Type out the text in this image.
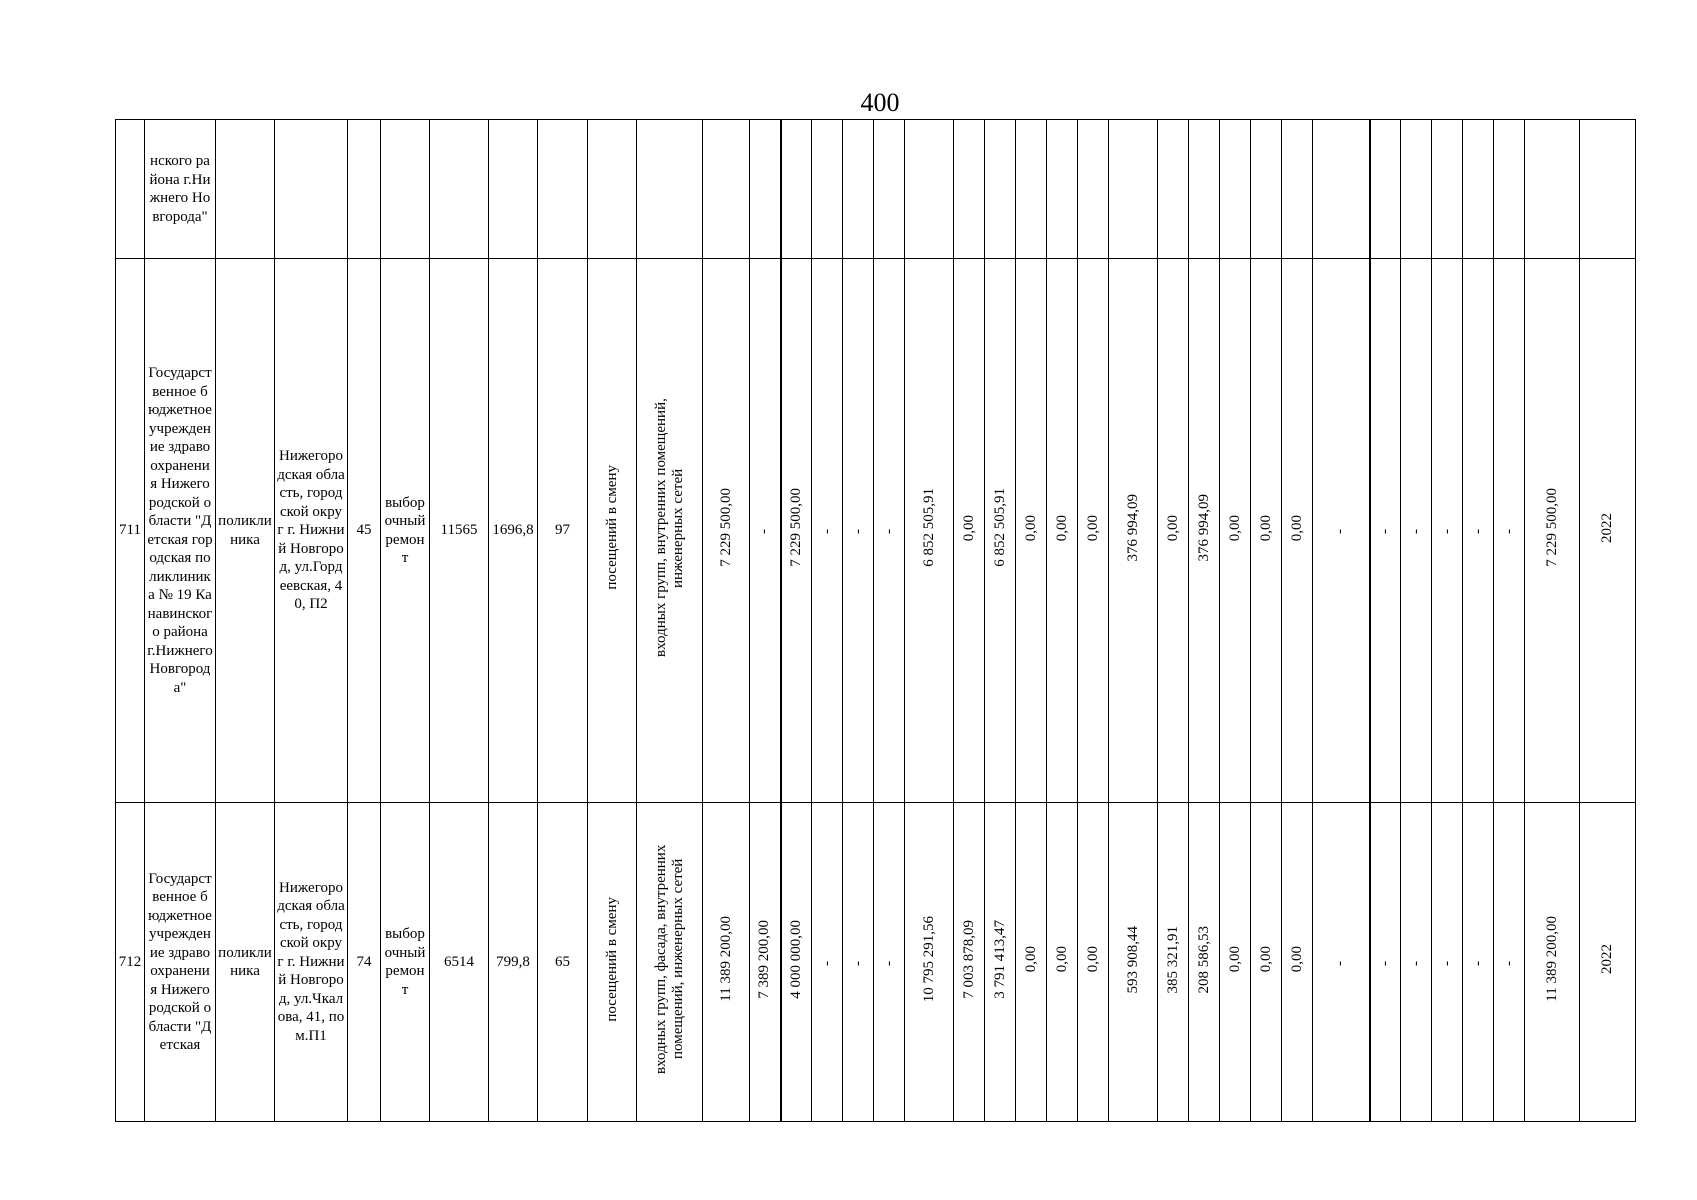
400

	нского района г.Нижнего Новгорода"																																			

711	Государственное бюджетное учреждение здравоохранения Нижегородской области "Детская городская поликлиника № 19 Канавинского района г.Нижнего Новгорода"	поликлиника	Нижегородская область, городской округ г. Нижний Новгород, ул.Гордеевская, 40, П2	45	выборочный ремонт	11565	1696,8	97	посещений в смену	входных групп, внутренних помещений, инженерных сетей	7 229 500,00	-	7 229 500,00	-	-	-	6 852 505,91	0,00	6 852 505,91	0,00	0,00	0,00	376 994,09	0,00	376 994,09	0,00	0,00	0,00	-	-	-	-	-	-	7 229 500,00	2022

712	Государственное бюджетное учреждение здравоохранения Нижегородской области "Детская	поликлиника	Нижегородская область, городской округ г. Нижний Новгород, ул.Чкалова, 41, пом.П1	74	выборочный ремонт	6514	799,8	65	посещений в смену	входных групп, фасада, внутренних помещений, инженерных сетей	11 389 200,00	7 389 200,00	4 000 000,00	-	-	-	10 795 291,56	7 003 878,09	3 791 413,47	0,00	0,00	0,00	593 908,44	385 321,91	208 586,53	0,00	0,00	0,00	-	-	-	-	-	-	11 389 200,00	2022
